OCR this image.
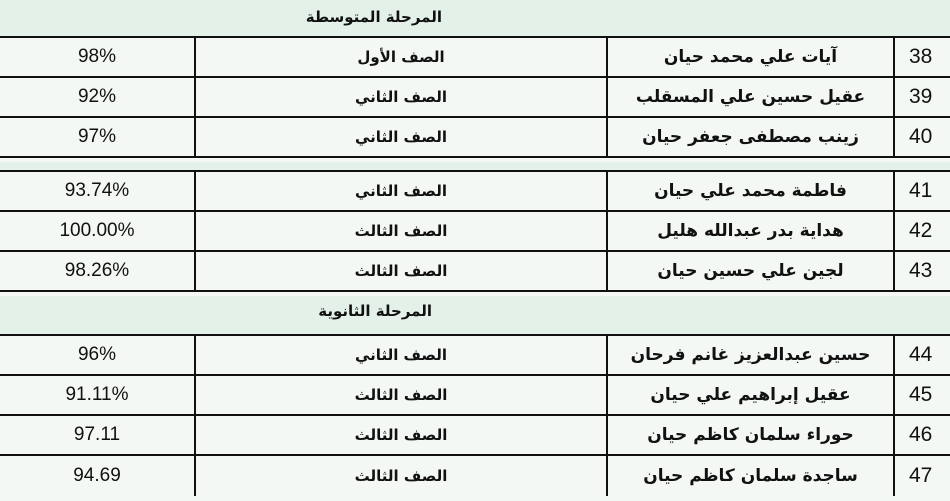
المرحلة المتوسطة
98%	الصف الأول	آيات علي محمد حيان	38
92%	الصف الثاني	عقيل حسين علي المسقلب	39
97%	الصف الثاني	زينب مصطفى جعفر حيان	40
93.74%	الصف الثاني	فاطمة محمد علي حيان	41
100.00%	الصف الثالث	هداية بدر عبدالله هليل	42
98.26%	الصف الثالث	لجين علي حسين حيان	43
المرحلة الثانوية
96%	الصف الثاني	حسين عبدالعزيز غانم فرحان	44
91.11%	الصف الثالث	عقيل إبراهيم علي حيان	45
97.11	الصف الثالث	حوراء سلمان كاظم حيان	46
94.69	الصف الثالث	ساجدة سلمان كاظم حيان	47
